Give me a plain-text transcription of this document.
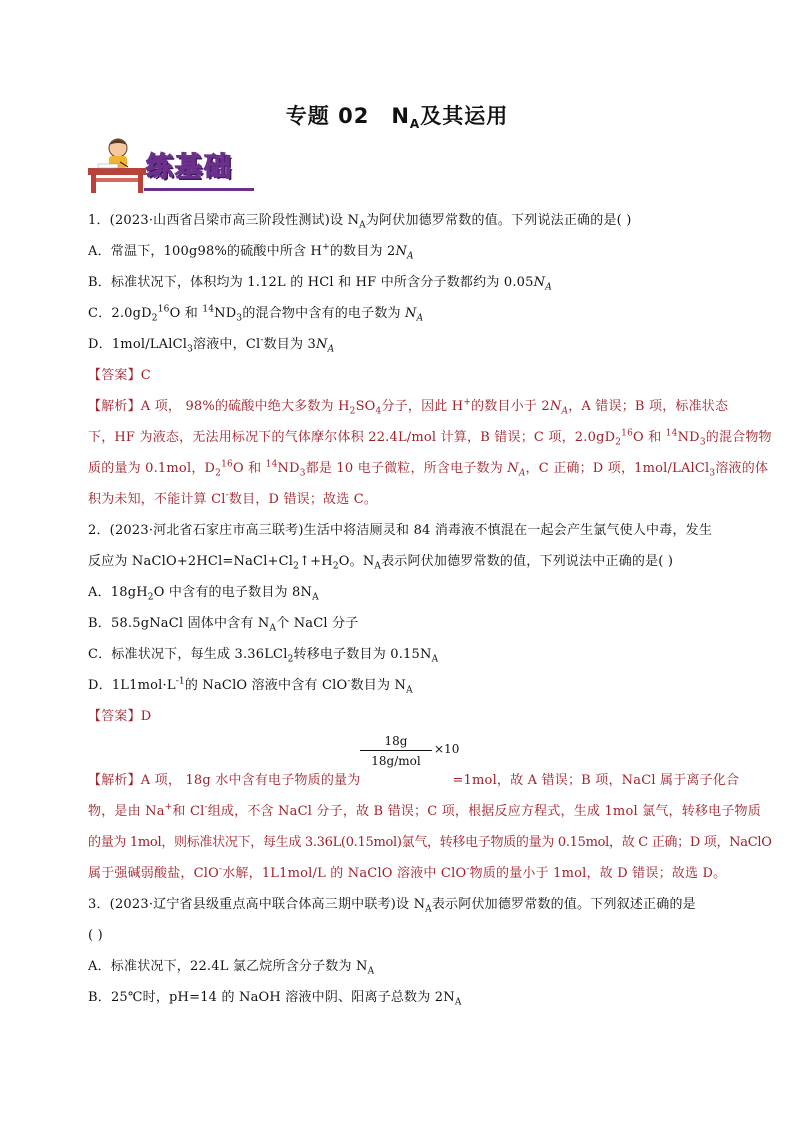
专题 02 $N_A$及其运用
练基础
1．(2023·山西省吕梁市高三阶段性测试)设 $N_A$为阿伏加德罗常数的值。下列说法正确的是( )
A．常温下，100g98%的硫酸中所含 H+的数目为 $2N_A$
B．标准状况下，体积均为 1.12L 的 HCl 和 HF 中所含分子数都约为 $0.05N_A$
C．$2.0gD_2^{16}O$ 和 $^{14}ND_3$的混合物中含有的电子数为 $N_A$
D．1mol/LAlCl$_3$溶液中，Cl-数目为 $3N_A$
【答案】C
【解析】A 项， 98%的硫酸中绝大多数为 $H_2SO_4$分子，因此 H+的数目小于 $2N_A$，A 错误；B 项，标准状态
下，HF 为液态，无法用标况下的气体摩尔体积 22.4L/mol 计算，B 错误；C 项，$2.0gD_2^{16}O$ 和 $^{14}ND_3$的混合物物
质的量为 0.1mol，$D_2^{16}O$ 和 $^{14}ND_3$都是 10 电子微粒，所含电子数为 $N_A$，C 正确；D 项，1mol/LAlCl$_3$溶液的体
积为未知，不能计算 Cl-数目，D 错误；故选 C。
2．(2023·河北省石家庄市高三联考)生活中将洁厕灵和 84 消毒液不慎混在一起会产生氯气使人中毒，发生
反应为 $NaClO+2HCl=NaCl+Cl_2↑+H_2O$。$N_A$表示阿伏加德罗常数的值，下列说法中正确的是( )
A．$18gH_2O$ 中含有的电子数目为 $8N_A$
B．58.5gNaCl 固体中含有 $N_A$个 NaCl 分子
C．标准状况下，每生成 3.36LCl$_2$转移电子数目为 $0.15N_A$
D．$1L1mol\cdot L^{-1}$的 NaClO 溶液中含有 ClO-数目为 $N_A$
【答案】D
18g
18g/mol
×10
【解析】A 项， 18g 水中含有电子物质的量为	=1mol，故 A 错误；B 项，NaCl 属于离子化合
物，是由 Na+和 Cl-组成，不含 NaCl 分子，故 B 错误；C 项，根据反应方程式，生成 1mol 氯气，转移电子物质
的量为 1mol，则标准状况下，每生成 3.36L(0.15mol)氯气，转移电子物质的量为 0.15mol，故 C 正确；D 项，NaClO
属于强碱弱酸盐，ClO-水解，1L1mol/L 的 NaClO 溶液中 ClO-物质的量小于 1mol，故 D 错误；故选 D。
3．(2023·辽宁省县级重点高中联合体高三期中联考)设 $N_A$表示阿伏加德罗常数的值。下列叙述正确的是
( )
A．标准状况下，22.4L 氯乙烷所含分子数为 $N_A$
B．25℃时，pH=14 的 NaOH 溶液中阴、阳离子总数为 $2N_A$
